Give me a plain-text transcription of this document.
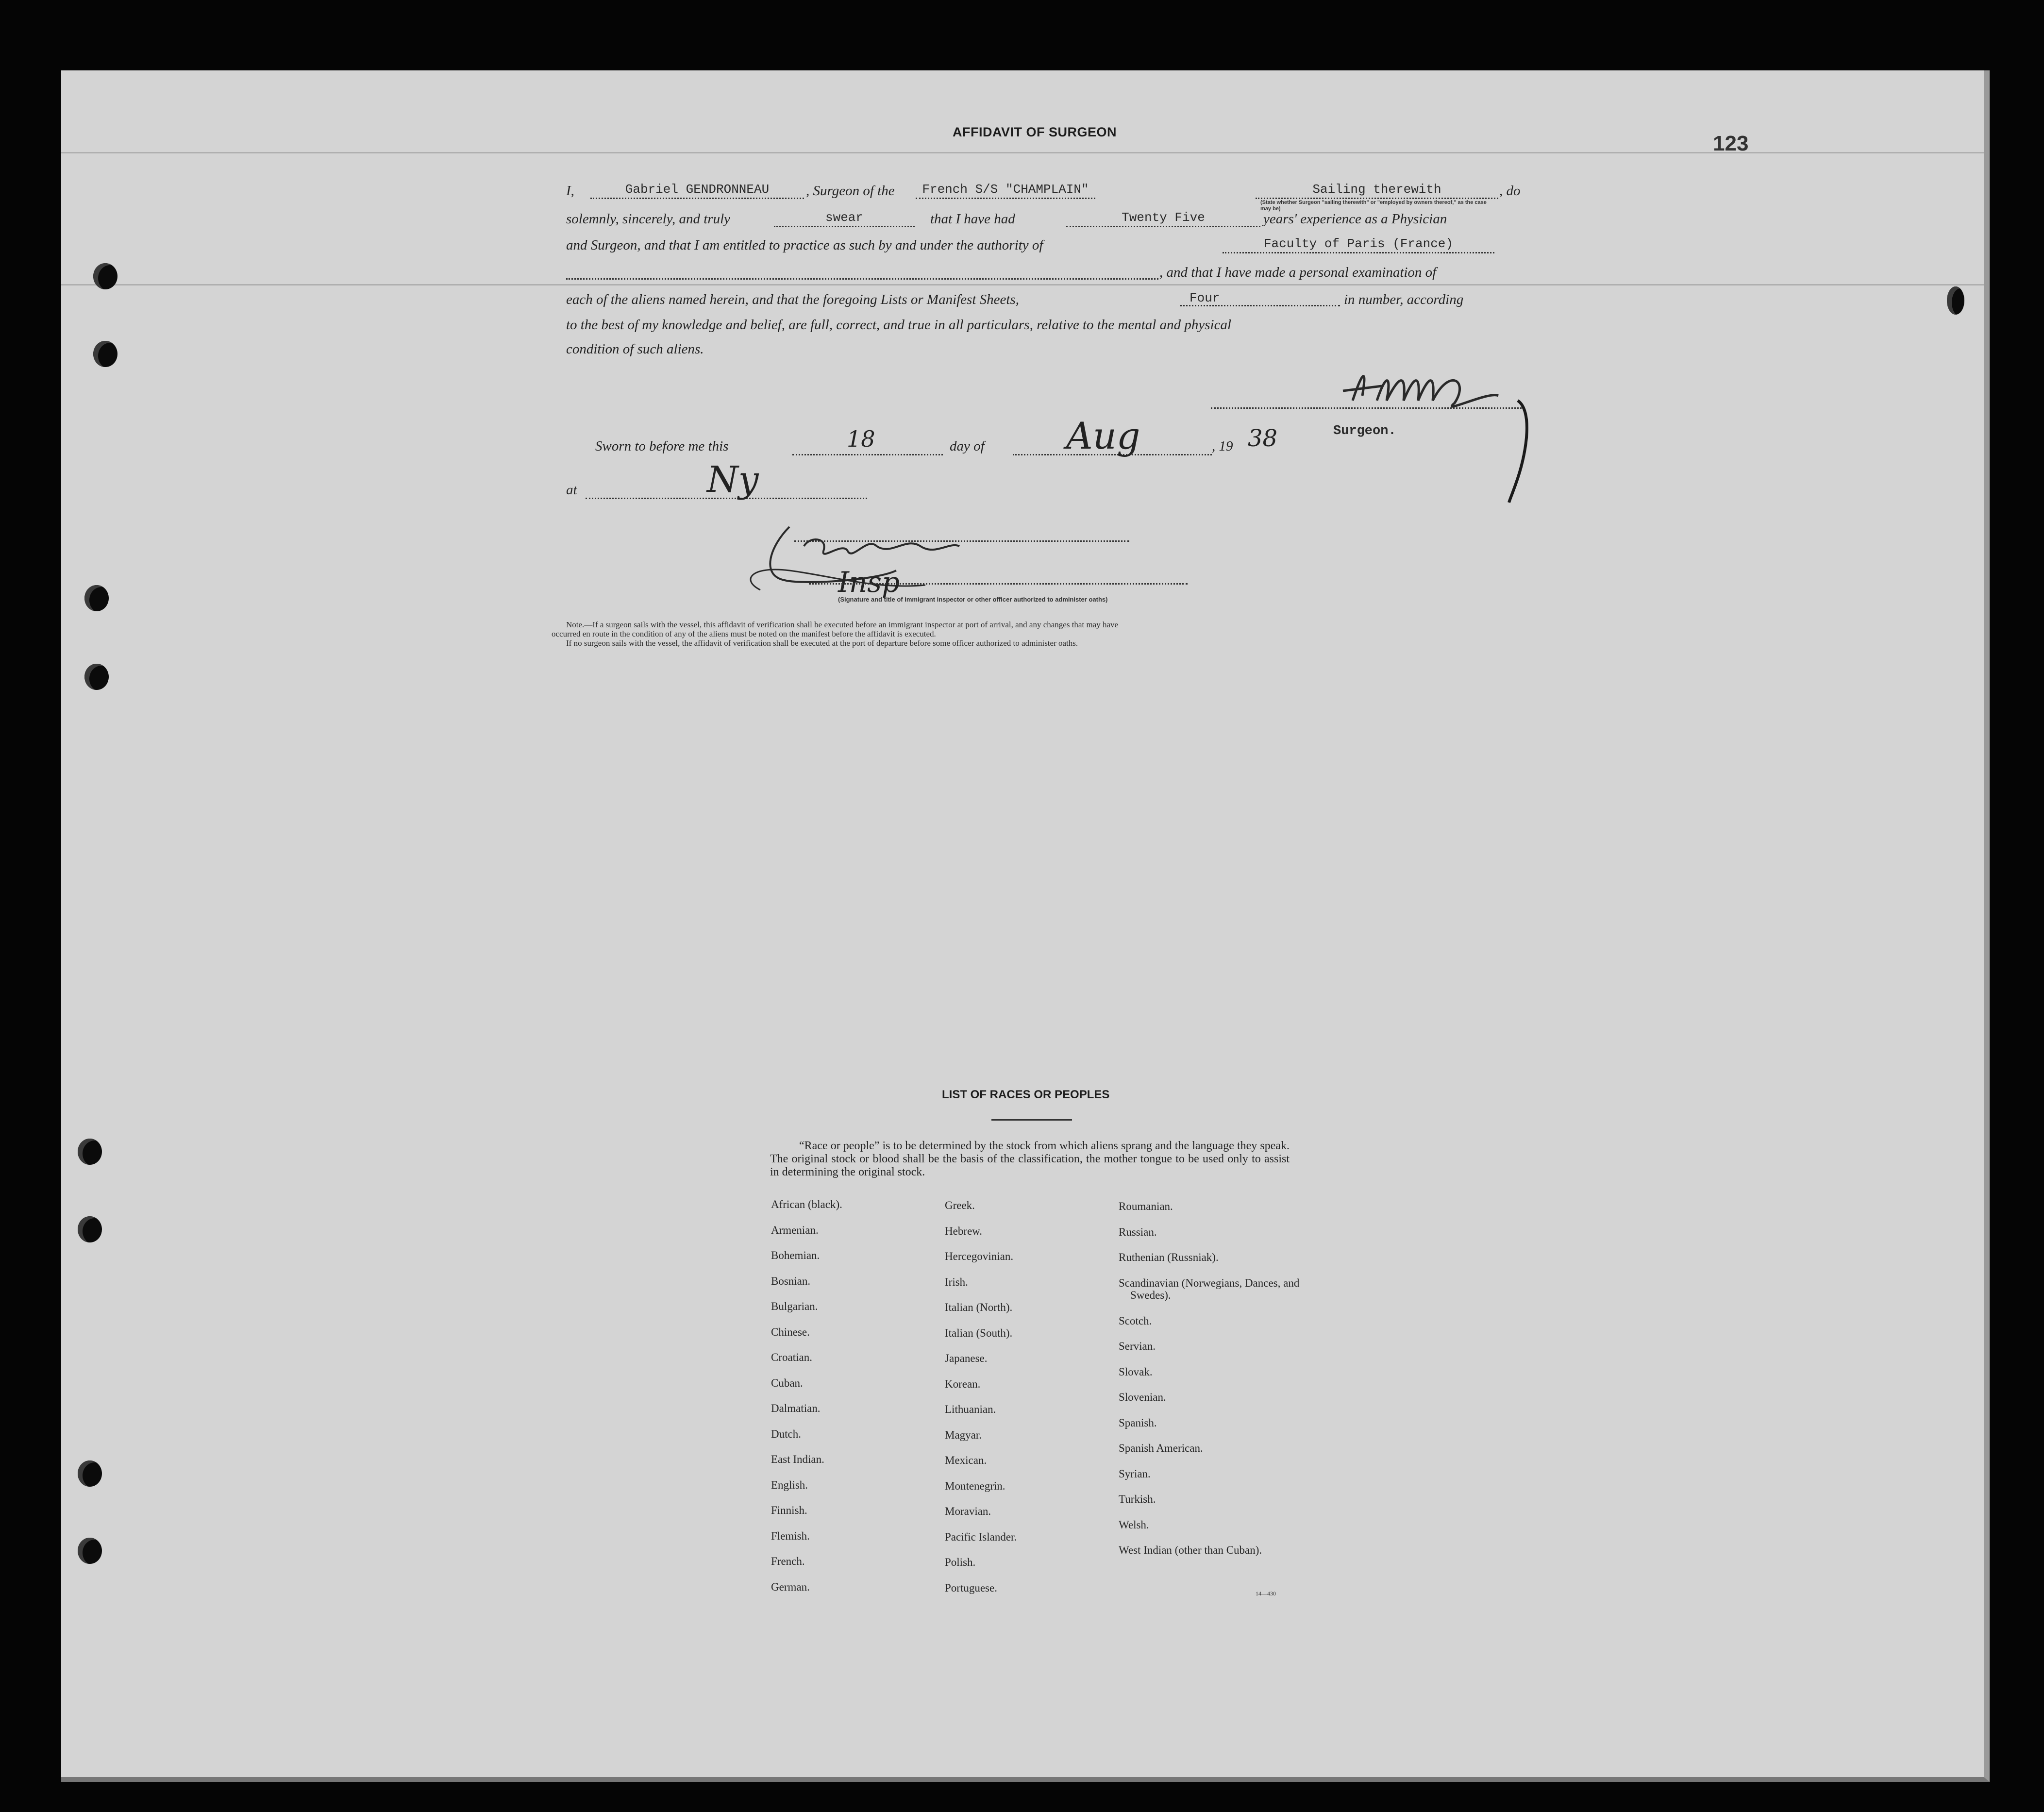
AFFIDAVIT OF SURGEON	123
I,	Gabriel GENDRONNEAU	, Surgeon of the	French S/S "CHAMPLAIN"	Sailing therewith	, do
(State whether Surgeon "sailing therewith" or "employed by owners thereof," as the case may be)
solemnly, sincerely, and truly	swear	that I have had	Twenty Five	years' experience as a Physician
and Surgeon, and that I am entitled to practice as such by and under the authority of	Faculty of Paris (France)
, and that I have made a personal examination of
each of the aliens named herein, and that the foregoing Lists or Manifest Sheets,	Four	in number, according
to the best of my knowledge and belief, are full, correct, and true in all particulars, relative to the mental and physical
condition of such aliens.
Surgeon.
Sworn to before me this	18	day of Aug	, 19 38
at	Ny
Insp
(Signature and title of immigrant inspector or other officer authorized to administer oaths)
Note.—If a surgeon sails with the vessel, this affidavit of verification shall be executed before an immigrant inspector at port of arrival, and any changes that may have
occurred en route in the condition of any of the aliens must be noted on the manifest before the affidavit is executed.
If no surgeon sails with the vessel, the affidavit of verification shall be executed at the port of departure before some officer authorized to administer oaths.
LIST OF RACES OR PEOPLES
“Race or people” is to be determined by the stock from which aliens sprang and the language they speak. The original stock or blood shall be the basis of the classification, the mother tongue to be used only to assist in determining the original stock.
African (black).
Armenian.
Bohemian.
Bosnian.
Bulgarian.
Chinese.
Croatian.
Cuban.
Dalmatian.
Dutch.
East Indian.
English.
Finnish.
Flemish.
French.
German.
Greek.
Hebrew.
Hercegovinian.
Irish.
Italian (North).
Italian (South).
Japanese.
Korean.
Lithuanian.
Magyar.
Mexican.
Montenegrin.
Moravian.
Pacific Islander.
Polish.
Portuguese.
Roumanian.
Russian.
Ruthenian (Russniak).
Scandinavian (Norwegians, Dances, and Swedes).
Scotch.
Servian.
Slovak.
Slovenian.
Spanish.
Spanish American.
Syrian.
Turkish.
Welsh.
West Indian (other than Cuban).
14—430
